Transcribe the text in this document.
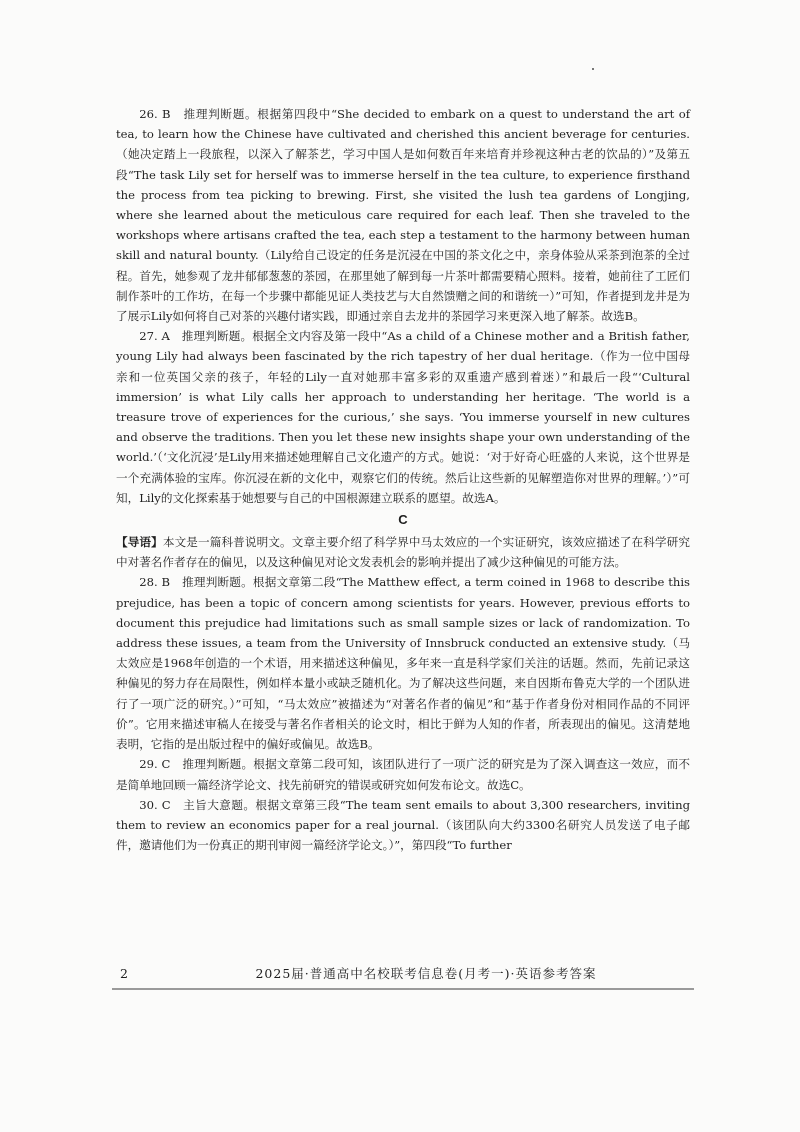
26. B　推理判断题。根据第四段中“She decided to embark on a quest to understand the art of tea, to learn how the Chinese have cultivated and cherished this ancient beverage for centuries.（她决定踏上一段旅程，以深入了解茶艺，学习中国人是如何数百年来培育并珍视这种古老的饮品的）”及第五段“The task Lily set for herself was to immerse herself in the tea culture, to experience firsthand the process from tea picking to brewing. First, she visited the lush tea gardens of Longjing, where she learned about the meticulous care required for each leaf. Then she traveled to the workshops where artisans crafted the tea, each step a testament to the harmony between human skill and natural bounty.（Lily给自己设定的任务是沉浸在中国的茶文化之中，亲身体验从采茶到泡茶的全过程。首先，她参观了龙井郁郁葱葱的茶园，在那里她了解到每一片茶叶都需要精心照料。接着，她前往了工匠们制作茶叶的工作坊，在每一个步骤中都能见证人类技艺与大自然馈赠之间的和谐统一）”可知，作者提到龙井是为了展示Lily如何将自己对茶的兴趣付诸实践，即通过亲自去龙井的茶园学习来更深入地了解茶。故选B。

27. A　推理判断题。根据全文内容及第一段中“As a child of a Chinese mother and a British father, young Lily had always been fascinated by the rich tapestry of her dual heritage.（作为一位中国母亲和一位英国父亲的孩子，年轻的Lily一直对她那丰富多彩的双重遗产感到着迷）”和最后一段“‘Cultural immersion’ is what Lily calls her approach to understanding her heritage. ‘The world is a treasure trove of experiences for the curious,’ she says. ‘You immerse yourself in new cultures and observe the traditions. Then you let these new insights shape your own understanding of the world.’（‘文化沉浸’是Lily用来描述她理解自己文化遗产的方式。她说：‘对于好奇心旺盛的人来说，这个世界是一个充满体验的宝库。你沉浸在新的文化中，观察它们的传统。然后让这些新的见解塑造你对世界的理解。’）”可知，Lily的文化探索基于她想要与自己的中国根源建立联系的愿望。故选A。

C

【导语】本文是一篇科普说明文。文章主要介绍了科学界中马太效应的一个实证研究，该效应描述了在科学研究中对著名作者存在的偏见，以及这种偏见对论文发表机会的影响并提出了减少这种偏见的可能方法。

28. B　推理判断题。根据文章第二段“The Matthew effect, a term coined in 1968 to describe this prejudice, has been a topic of concern among scientists for years. However, previous efforts to document this prejudice had limitations such as small sample sizes or lack of randomization. To address these issues, a team from the University of Innsbruck conducted an extensive study.（马太效应是1968年创造的一个术语，用来描述这种偏见，多年来一直是科学家们关注的话题。然而，先前记录这种偏见的努力存在局限性，例如样本量小或缺乏随机化。为了解决这些问题，来自因斯布鲁克大学的一个团队进行了一项广泛的研究。）”可知，“马太效应”被描述为“对著名作者的偏见”和“基于作者身份对相同作品的不同评价”。它用来描述审稿人在接受与著名作者相关的论文时，相比于鲜为人知的作者，所表现出的偏见。这清楚地表明，它指的是出版过程中的偏好或偏见。故选B。

29. C　推理判断题。根据文章第二段可知，该团队进行了一项广泛的研究是为了深入调查这一效应，而不是简单地回顾一篇经济学论文、找先前研究的错误或研究如何发布论文。故选C。

30. C　主旨大意题。根据文章第三段“The team sent emails to about 3,300 researchers, inviting them to review an economics paper for a real journal.（该团队向大约3300名研究人员发送了电子邮件，邀请他们为一份真正的期刊审阅一篇经济学论文。）”，第四段“To further

2	2025届·普通高中名校联考信息卷(月考一)·英语参考答案
